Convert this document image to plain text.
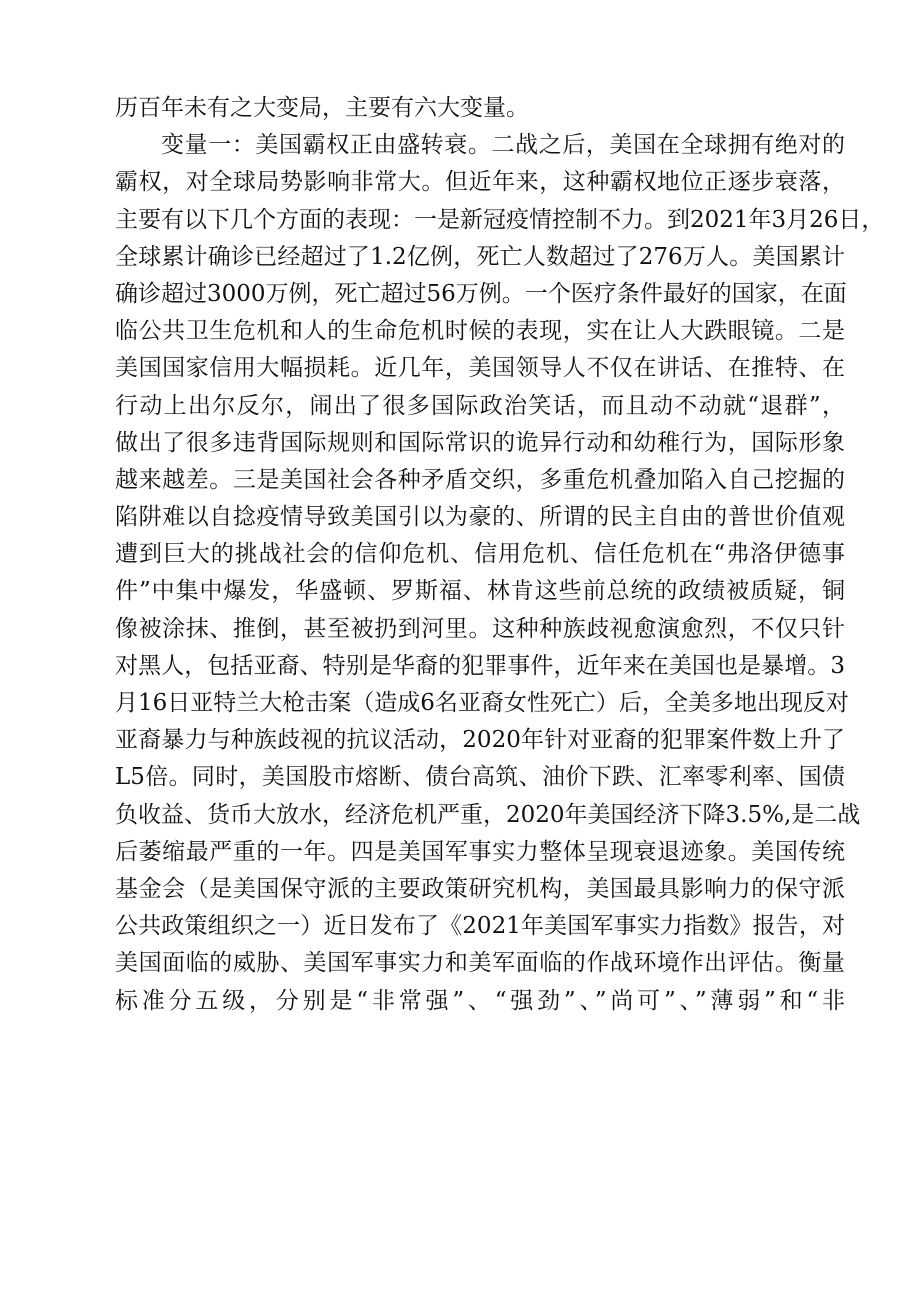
历百年未有之大变局，主要有六大变量。
变量一：美国霸权正由盛转衰。二战之后，美国在全球拥有绝对的
霸权，对全球局势影响非常大。但近年来，这种霸权地位正逐步衰落，
主要有以下几个方面的表现：一是新冠疫情控制不力。到2021年3月26日，
全球累计确诊已经超过了1.2亿例，死亡人数超过了276万人。美国累计
确诊超过3000万例，死亡超过56万例。一个医疗条件最好的国家，在面
临公共卫生危机和人的生命危机时候的表现，实在让人大跌眼镜。二是
美国国家信用大幅损耗。近几年，美国领导人不仅在讲话、在推特、在
行动上出尔反尔，闹出了很多国际政治笑话，而且动不动就“退群”，
做出了很多违背国际规则和国际常识的诡异行动和幼稚行为，国际形象
越来越差。三是美国社会各种矛盾交织，多重危机叠加陷入自己挖掘的
陷阱难以自捻疫情导致美国引以为豪的、所谓的民主自由的普世价值观
遭到巨大的挑战社会的信仰危机、信用危机、信任危机在“弗洛伊德事
件”中集中爆发，华盛顿、罗斯福、林肯这些前总统的政绩被质疑，铜
像被涂抹、推倒，甚至被扔到河里。这种种族歧视愈演愈烈，不仅只针
对黑人，包括亚裔、特别是华裔的犯罪事件，近年来在美国也是暴增。3
月16日亚特兰大枪击案（造成6名亚裔女性死亡）后，全美多地出现反对
亚裔暴力与种族歧视的抗议活动，2020年针对亚裔的犯罪案件数上升了
L5倍。同时，美国股市熔断、债台高筑、油价下跌、汇率零利率、国债
负收益、货币大放水，经济危机严重，2020年美国经济下降3.5%,是二战
后萎缩最严重的一年。四是美国军事实力整体呈现衰退迹象。美国传统
基金会（是美国保守派的主要政策研究机构，美国最具影响力的保守派
公共政策组织之一）近日发布了《2021年美国军事实力指数》报告，对
美国面临的威胁、美国军事实力和美军面临的作战环境作出评估。衡量
标准分五级，分别是“非常强”、“强劲”、”尚可”、”薄弱”和“非
